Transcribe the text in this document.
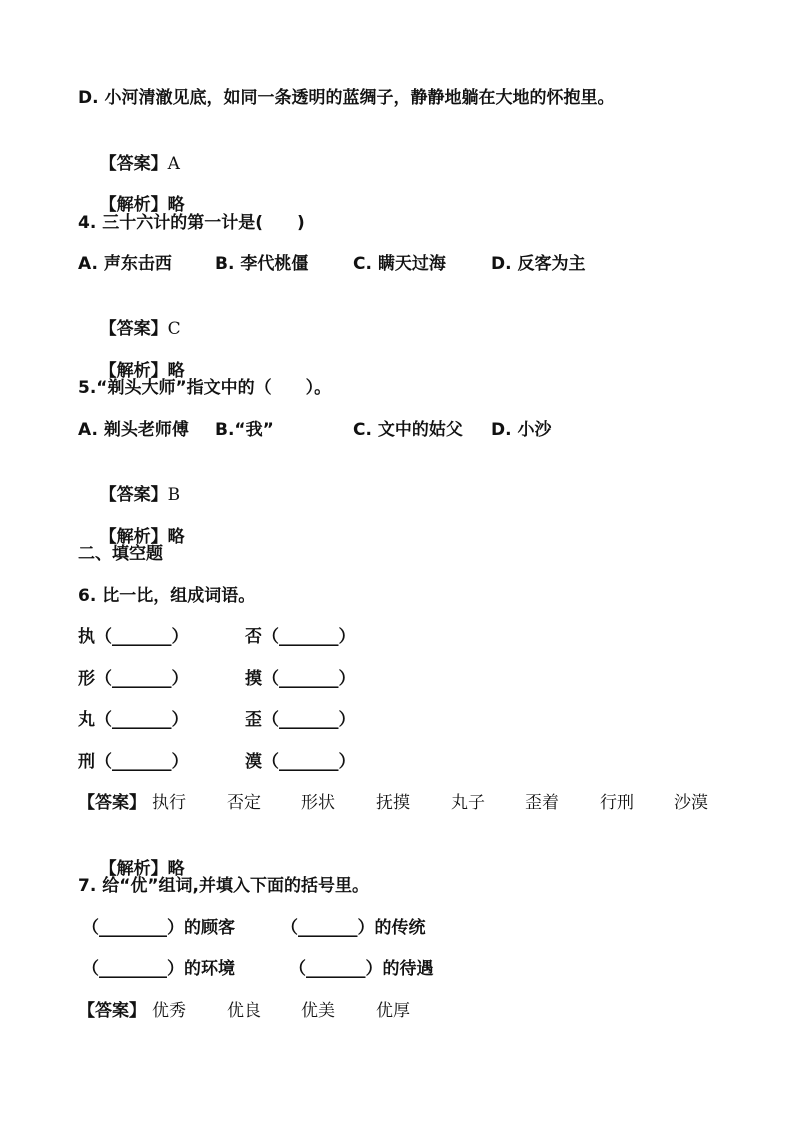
D. 小河清澈见底，如同一条透明的蓝绸子，静静地躺在大地的怀抱里。

【答案】A

【解析】略

4. 三十六计的第一计是(　　)
A. 声东击西	B. 李代桃僵	C. 瞒天过海	D. 反客为主

【答案】C

【解析】略

5.“剃头大师”指文中的（　　）。
A. 剃头老师傅 B.“我”	C. 文中的姑父 D. 小沙

【答案】B

【解析】略

二、填空题
6. 比一比，组成词语。
执（_______）	否（_______）
形（_______）	摸（_______）
丸（_______）	歪（_______）
刑（_______）	漠（_______）
【答案】 执行 否定 形状 抚摸 丸子 歪着 行刑 沙漠

【解析】略

7. 给“优”组词,并填入下面的括号里。
（________）的顾客	（_______）的传统
（________）的环境	（_______）的待遇
【答案】 优秀 优良 优美 优厚
